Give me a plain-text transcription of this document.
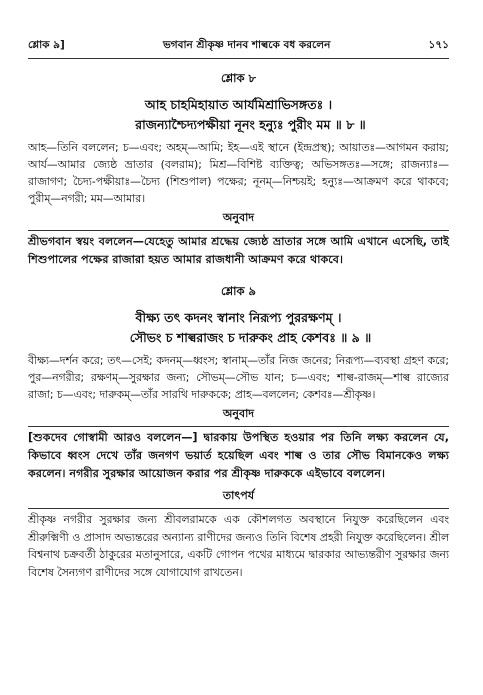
শ্লোক ৯]	ভগবান শ্রীকৃষ্ণ দানব শাল্বকে বধ করলেন	১৭১
শ্লোক ৮
আহ চাহমিহায়াত আর্যমিশ্রাভিসঙ্গতঃ ।
রাজন্যাশ্চৈদ্যপক্ষীয়া নূনং হন্যুঃ পুরীং মম ॥ ৮ ॥
আহ—তিনি বললেন; চ—এবং; অহম্—আমি; ইহ—এই স্থানে (ইন্দ্রপ্রস্থ); আয়াতঃ—আগমন করায়; আর্য—আমার জ্যেষ্ঠ ভ্রাতার (বলরাম); মিশ্র—বিশিষ্ট ব্যক্তিত্ব; অভিসঙ্গতঃ—সঙ্গে; রাজন্যাঃ—রাজাগণ; চৈদ্য-পক্ষীয়াঃ—চৈদ্য (শিশুপাল) পক্ষের; নূনম্—নিশ্চয়ই; হন্যুঃ—আক্রমণ করে থাকবে; পুরীম্—নগরী; মম—আমার।
অনুবাদ
শ্রীভগবান স্বয়ং বললেন—যেহেতু আমার শ্রদ্ধেয় জ্যেষ্ঠ ভ্রাতার সঙ্গে আমি এখানে এসেছি, তাই শিশুপালের পক্ষের রাজারা হয়ত আমার রাজধানী আক্রমণ করে থাকবে।
শ্লোক ৯
বীক্ষ্য তৎ কদনং স্বানাং নিরূপ্য পুররক্ষণম্ ।
সৌভং চ শাল্বরাজং চ দারুকং প্রাহ কেশবঃ ॥ ৯ ॥
বীক্ষ্য—দর্শন করে; তৎ—সেই; কদনম্—ধ্বংস; স্বানাম্—তাঁর নিজ জনের; নিরূপ্য—ব্যবস্থা গ্রহণ করে; পুর—নগরীর; রক্ষণম্—সুরক্ষার জন্য; সৌভম্—সৌভ যান; চ—এবং; শাল্ব-রাজম্—শাল্ব রাজ্যের রাজা; চ—এবং; দারুকম্—তাঁর সারথি দারুককে; প্রাহ—বললেন; কেশবঃ—শ্রীকৃষ্ণ।
অনুবাদ
[শুকদেব গোস্বামী আরও বললেন—] দ্বারকায় উপস্থিত হওয়ার পর তিনি লক্ষ্য করলেন যে, কিভাবে ধ্বংস দেখে তাঁর জনগণ ভয়ার্ত হয়েছিল এবং শাল্ব ও তার সৌভ বিমানকেও লক্ষ্য করলেন। নগরীর সুরক্ষার আয়োজন করার পর শ্রীকৃষ্ণ দারুককে এইভাবে বললেন।
তাৎপর্য
শ্রীকৃষ্ণ নগরীর সুরক্ষার জন্য শ্রীবলরামকে এক কৌশলগত অবস্থানে নিযুক্ত করেছিলেন এবং শ্রীরুক্মিণী ও প্রাসাদ অভ্যন্তরের অন্যান্য রাণীদের জন্যও তিনি বিশেষ প্রহরী নিযুক্ত করেছিলেন। শ্রীল বিশ্বনাথ চক্রবর্তী ঠাকুরের মতানুসারে, একটি গোপন পথের মাধ্যমে দ্বারকার আভ্যন্তরীণ সুরক্ষার জন্য বিশেষ সৈন্যগণ রাণীদের সঙ্গে যোগাযোগ রাখতেন।
